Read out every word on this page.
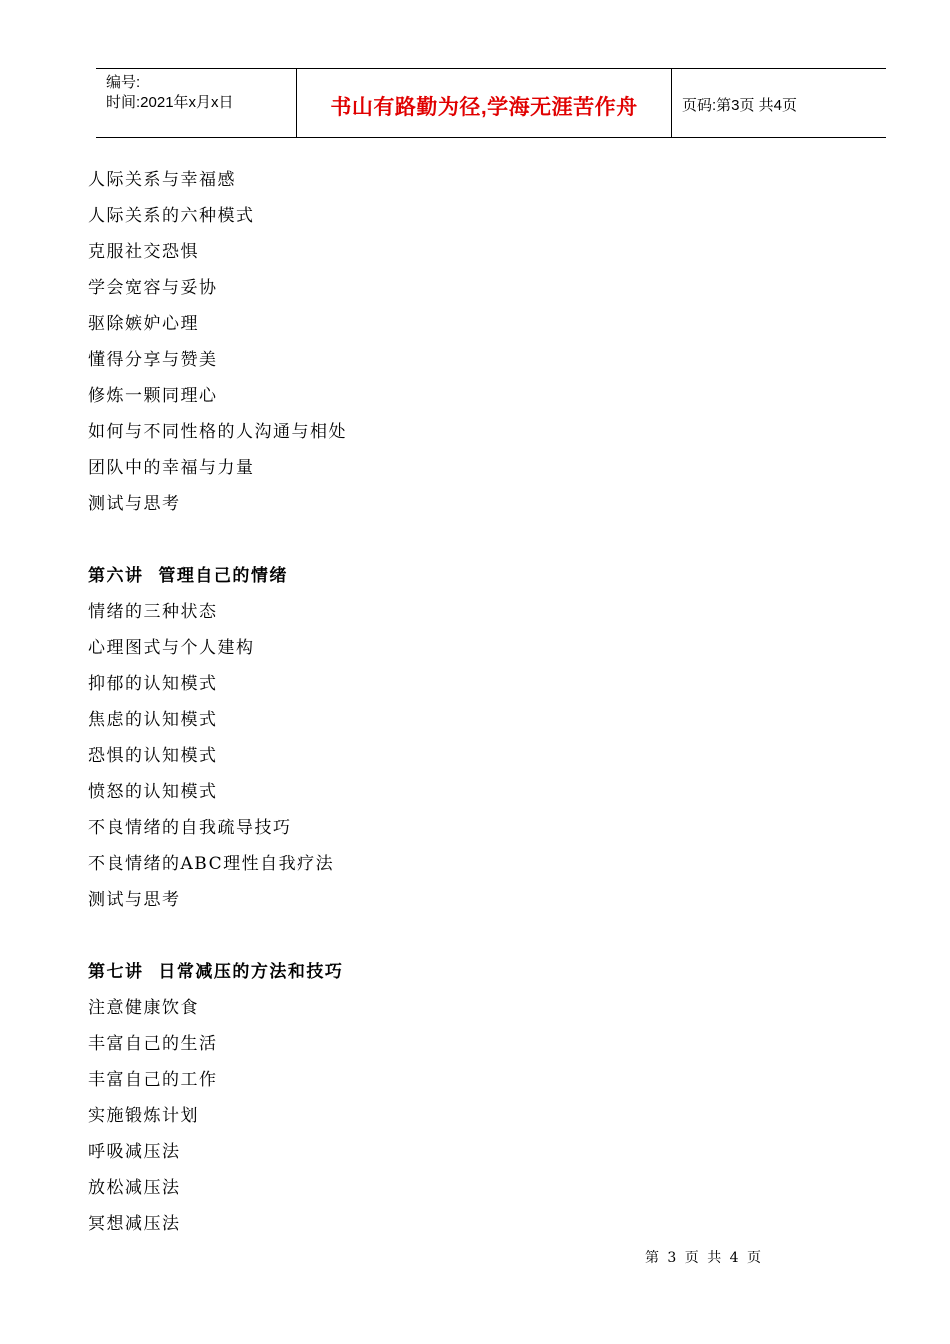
编号:
时间:2021年x月x日	书山有路勤为径,学海无涯苦作舟	页码:第3页 共4页
人际关系与幸福感
人际关系的六种模式
克服社交恐惧
学会宽容与妥协
驱除嫉妒心理
懂得分享与赞美
修炼一颗同理心
如何与不同性格的人沟通与相处
团队中的幸福与力量
测试与思考
第六讲  管理自己的情绪
情绪的三种状态
心理图式与个人建构
抑郁的认知模式
焦虑的认知模式
恐惧的认知模式
愤怒的认知模式
不良情绪的自我疏导技巧
不良情绪的ABC理性自我疗法
测试与思考
第七讲  日常减压的方法和技巧
注意健康饮食
丰富自己的生活
丰富自己的工作
实施锻炼计划
呼吸减压法
放松减压法
冥想减压法
第 3 页 共 4 页
